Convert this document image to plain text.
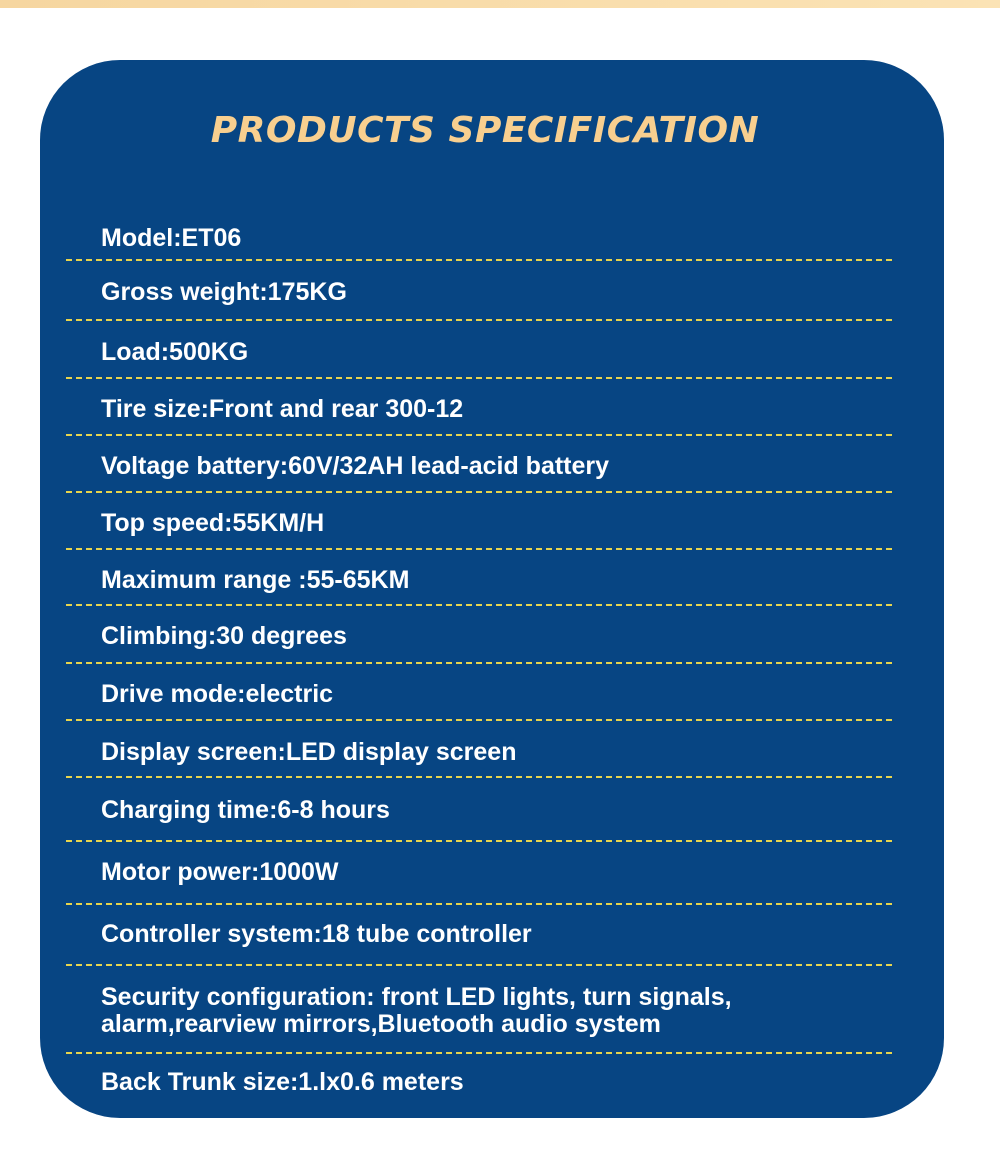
PRODUCTS SPECIFICATION
Model:ET06
Gross weight:175KG
Load:500KG
Tire size:Front and rear 300-12
Voltage battery:60V/32AH lead-acid battery
Top speed:55KM/H
Maximum range :55-65KM
Climbing:30 degrees
Drive mode:electric
Display screen:LED display screen
Charging time:6-8 hours
Motor power:1000W
Controller system:18 tube controller
Security configuration: front LED lights, turn signals, alarm,rearview mirrors,Bluetooth audio system
Back Trunk size:1.lx0.6 meters
